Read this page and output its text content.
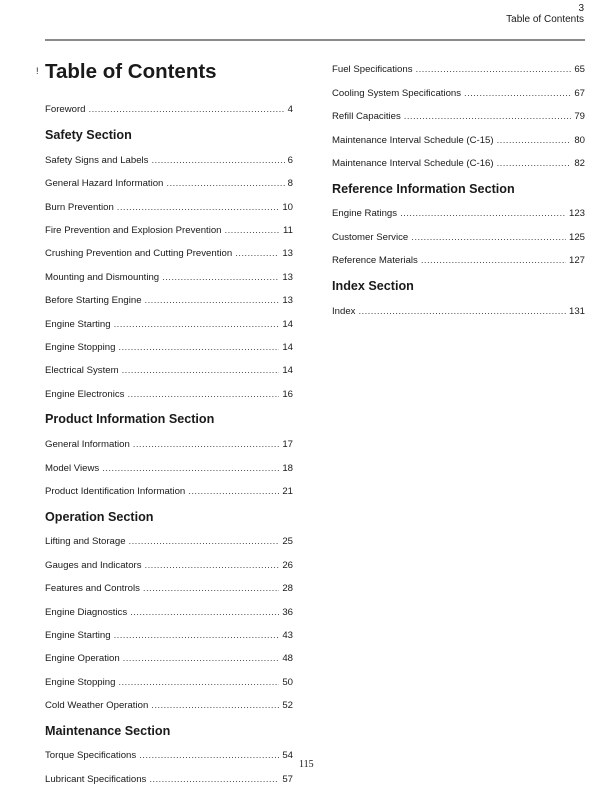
3
Table of Contents
! Table of Contents
Foreword .....	4
Safety Section
Safety Signs and Labels .....	6
General Hazard Information .....	8
Burn Prevention .....	10
Fire Prevention and Explosion Prevention .....	11
Crushing Prevention and Cutting Prevention .....	13
Mounting and Dismounting .....	13
Before Starting Engine .....	13
Engine Starting .....	14
Engine Stopping .....	14
Electrical System .....	14
Engine Electronics .....	16
Product Information Section
General Information .....	17
Model Views .....	18
Product Identification Information .....	21
Operation Section
Lifting and Storage .....	25
Gauges and Indicators .....	26
Features and Controls .....	28
Engine Diagnostics .....	36
Engine Starting .....	43
Engine Operation .....	48
Engine Stopping .....	50
Cold Weather Operation .....	52
Maintenance Section
Torque Specifications .....	54
Lubricant Specifications .....	57
Fuel Specifications .....	65
Cooling System Specifications .....	67
Refill Capacities .....	79
Maintenance Interval Schedule (C-15) .....	80
Maintenance Interval Schedule (C-16) .....	82
Reference Information Section
Engine Ratings .....	123
Customer Service .....	125
Reference Materials .....	127
Index Section
Index .....	131
115
